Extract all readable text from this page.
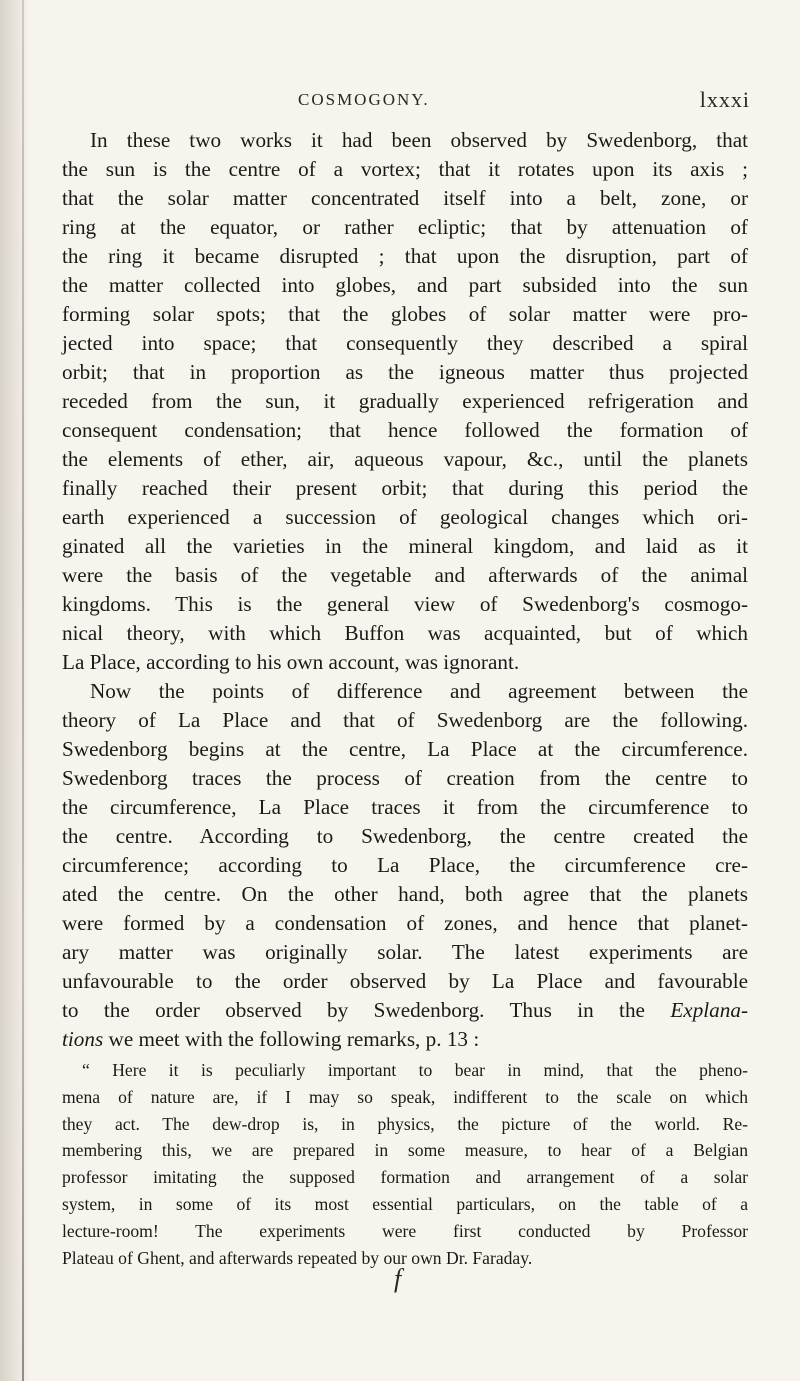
COSMOGONY.	lxxxi
In these two works it had been observed by Swedenborg, that
the sun is the centre of a vortex; that it rotates upon its axis ;
that the solar matter concentrated itself into a belt, zone, or
ring at the equator, or rather ecliptic; that by attenuation of
the ring it became disrupted ; that upon the disruption, part of
the matter collected into globes, and part subsided into the sun
forming solar spots; that the globes of solar matter were pro-
jected into space; that consequently they described a spiral
orbit; that in proportion as the igneous matter thus projected
receded from the sun, it gradually experienced refrigeration and
consequent condensation; that hence followed the formation of
the elements of ether, air, aqueous vapour, &c., until the planets
finally reached their present orbit; that during this period the
earth experienced a succession of geological changes which ori-
ginated all the varieties in the mineral kingdom, and laid as it
were the basis of the vegetable and afterwards of the animal
kingdoms. This is the general view of Swedenborg's cosmogo-
nical theory, with which Buffon was acquainted, but of which
La Place, according to his own account, was ignorant.
Now the points of difference and agreement between the
theory of La Place and that of Swedenborg are the following.
Swedenborg begins at the centre, La Place at the circumference.
Swedenborg traces the process of creation from the centre to
the circumference, La Place traces it from the circumference to
the centre. According to Swedenborg, the centre created the
circumference; according to La Place, the circumference cre-
ated the centre. On the other hand, both agree that the planets
were formed by a condensation of zones, and hence that planet-
ary matter was originally solar. The latest experiments are
unfavourable to the order observed by La Place and favourable
to the order observed by Swedenborg. Thus in the Explana-
tions we meet with the following remarks, p. 13 :
“ Here it is peculiarly important to bear in mind, that the pheno-
mena of nature are, if I may so speak, indifferent to the scale on which
they act. The dew-drop is, in physics, the picture of the world. Re-
membering this, we are prepared in some measure, to hear of a Belgian
professor imitating the supposed formation and arrangement of a solar
system, in some of its most essential particulars, on the table of a
lecture-room! The experiments were first conducted by Professor
Plateau of Ghent, and afterwards repeated by our own Dr. Faraday.
f
